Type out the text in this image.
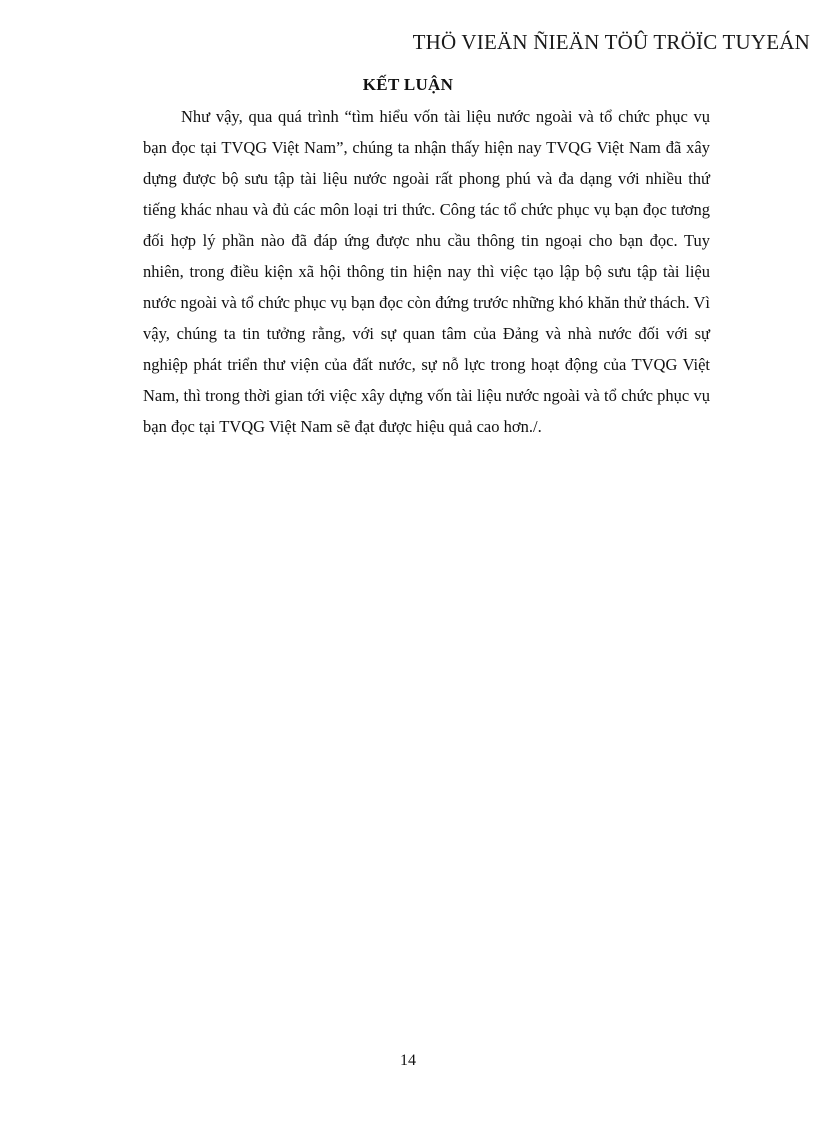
THÖ VIEÄN ÑIEÄN TÖÛ TRÖÏC TUYEÁN
KẾT LUẬN

Như vậy, qua quá trình “tìm hiểu vốn tài liệu nước ngoài và tổ chức phục vụ bạn đọc tại TVQG Việt Nam”, chúng ta nhận thấy hiện nay TVQG Việt Nam đã xây dựng được bộ sưu tập tài liệu nước ngoài rất phong phú và đa dạng với nhiều thứ tiếng khác nhau và đủ các môn loại tri thức. Công tác tổ chức phục vụ bạn đọc tương đối hợp lý phần nào đã đáp ứng được nhu cầu thông tin ngoại cho bạn đọc. Tuy nhiên, trong điều kiện xã hội thông tin hiện nay thì việc tạo lập bộ sưu tập tài liệu nước ngoài và tổ chức phục vụ bạn đọc còn đứng trước những khó khăn thử thách. Vì vậy, chúng ta tin tưởng rằng, với sự quan tâm của Đảng và nhà nước đối với sự nghiệp phát triển thư viện của đất nước, sự nỗ lực trong hoạt động của TVQG Việt Nam, thì trong thời gian tới việc xây dựng vốn tài liệu nước ngoài và tổ chức phục vụ bạn đọc tại TVQG Việt Nam sẽ đạt được hiệu quả cao hơn./.

14
